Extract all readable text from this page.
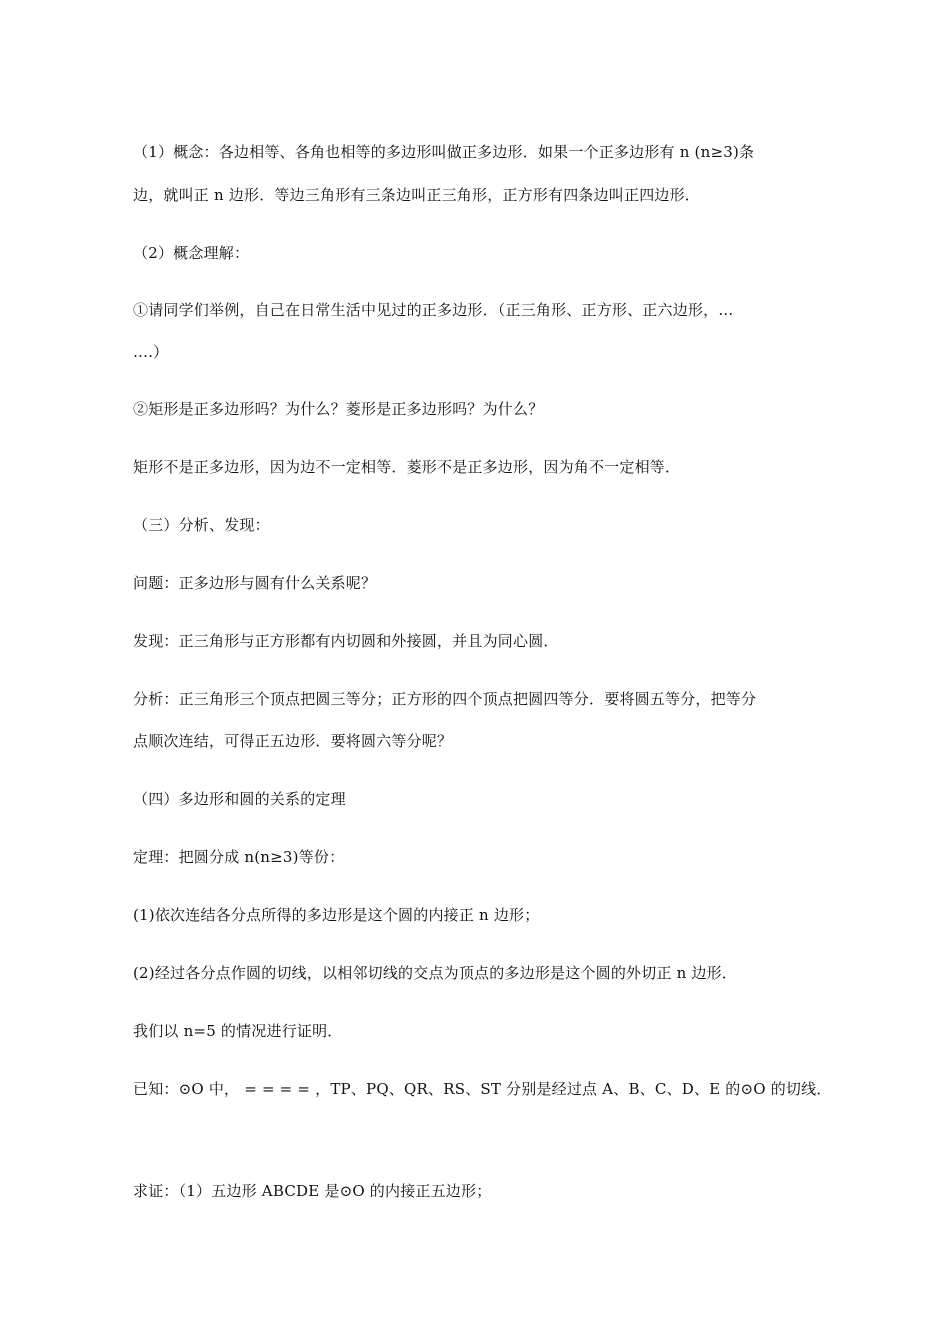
（1）概念：各边相等、各角也相等的多边形叫做正多边形．如果一个正多边形有 n (n≥3)条
边，就叫正 n 边形．等边三角形有三条边叫正三角形，正方形有四条边叫正四边形．
（2）概念理解：
①请同学们举例，自己在日常生活中见过的正多边形．（正三角形、正方形、正六边形，…
….）
②矩形是正多边形吗？为什么？菱形是正多边形吗？为什么？
矩形不是正多边形，因为边不一定相等．菱形不是正多边形，因为角不一定相等．
（三）分析、发现：
问题：正多边形与圆有什么关系呢？
发现：正三角形与正方形都有内切圆和外接圆，并且为同心圆．
分析：正三角形三个顶点把圆三等分；正方形的四个顶点把圆四等分．要将圆五等分，把等分
点顺次连结，可得正五边形．要将圆六等分呢？
（四）多边形和圆的关系的定理
定理：把圆分成 n(n≥3)等份：
(1)依次连结各分点所得的多边形是这个圆的内接正 n 边形；
(2)经过各分点作圆的切线，以相邻切线的交点为顶点的多边形是这个圆的外切正 n 边形．
我们以 n=5 的情况进行证明．
已知：⊙O 中， = = = = ，TP、PQ、QR、RS、ST 分别是经过点 A、B、C、D、E 的⊙O 的切线．
求证：（1）五边形 ABCDE 是⊙O 的内接正五边形；
